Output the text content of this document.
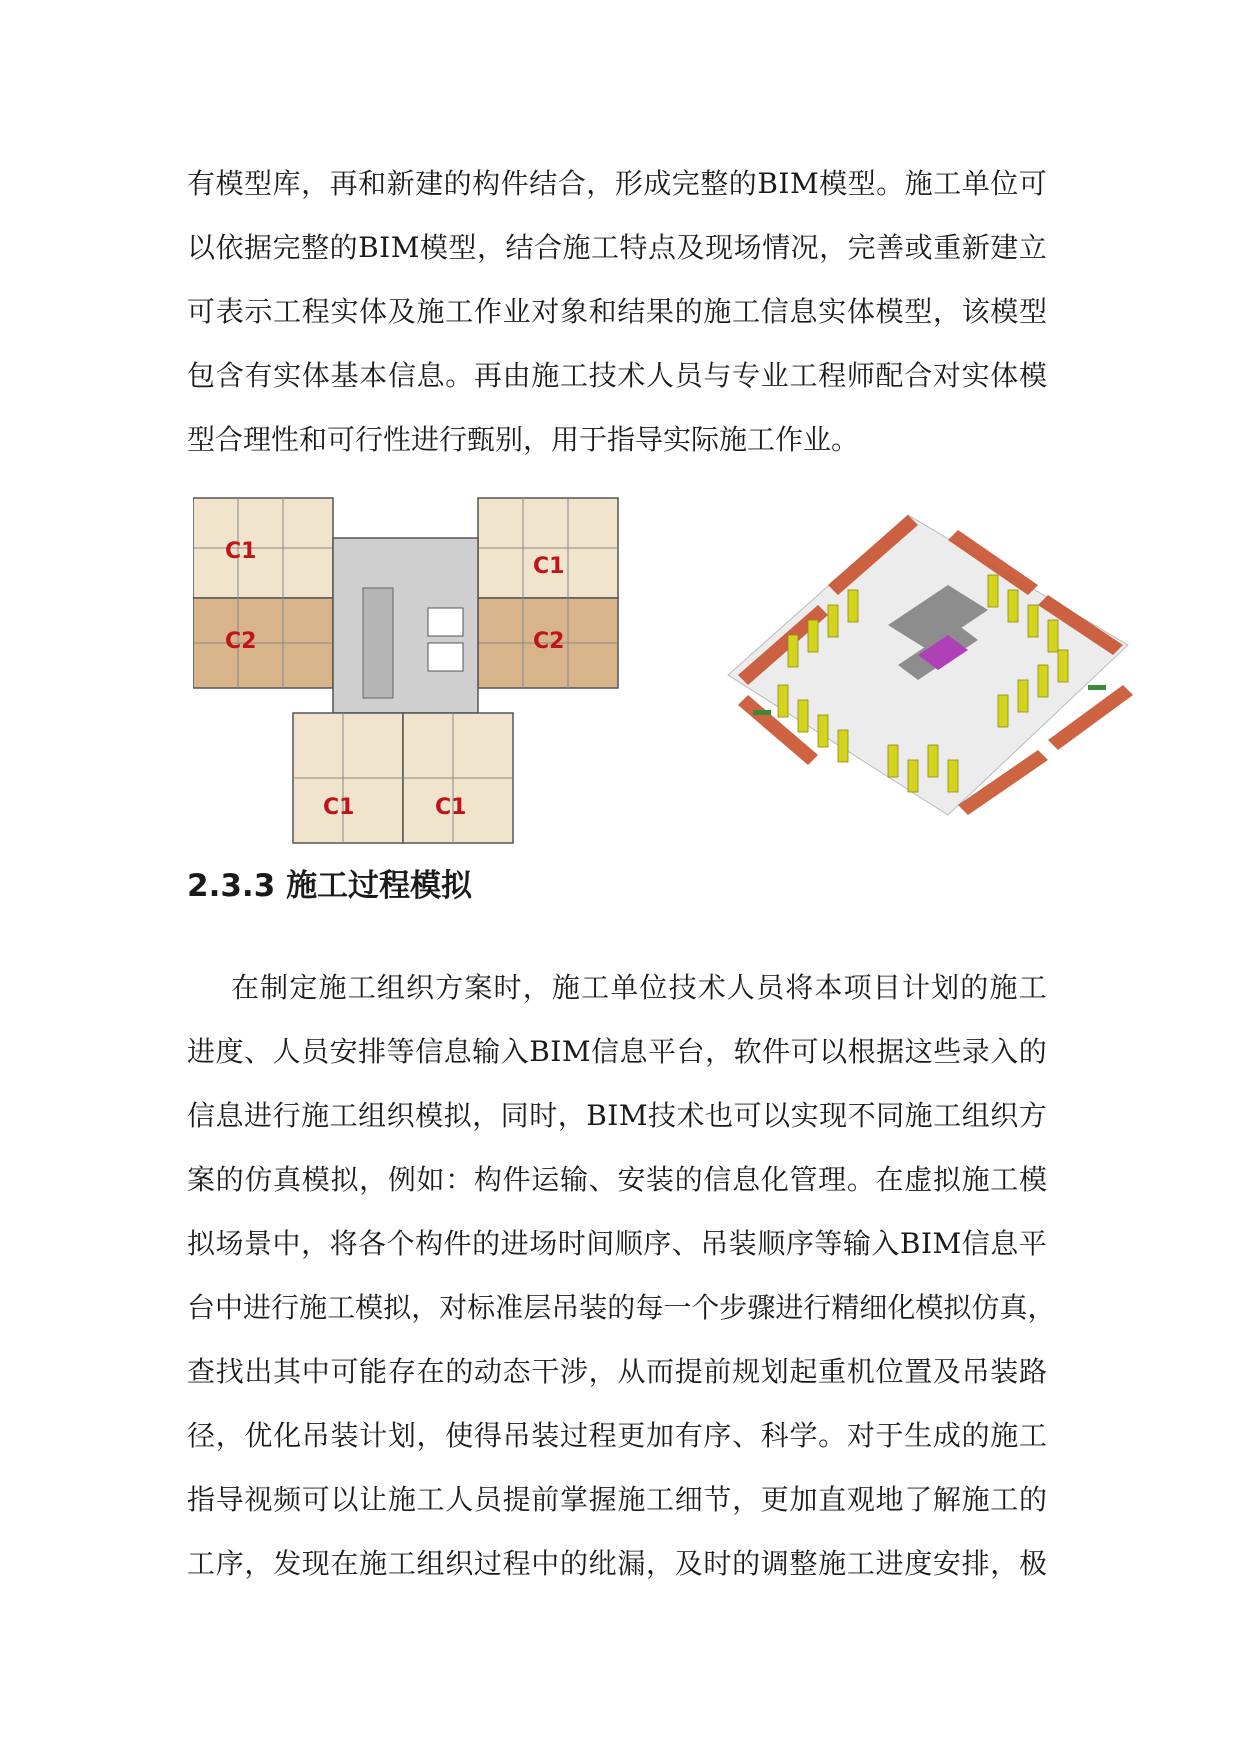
有 模 型 库 ， 再 和 新 建 的 构 件 结 合 ， 形 成 完 整 的 B I M 模 型 。 施 工 单 位 可
以 依 据 完 整 的 B I M 模 型 ， 结 合 施 工 特 点 及 现 场 情 况 ， 完 善 或 重 新 建 立
可 表 示 工 程 实 体 及 施 工 作 业 对 象 和 结 果 的 施 工 信 息 实 体 模 型 ， 该 模 型
包 含 有 实 体 基 本 信 息 。 再 由 施 工 技 术 人 员 与 专 业 工 程 师 配 合 对 实 体 模
型合理性和可行性进行甄别，用于指导实际施工作业。
C1
C1
C2	C2
C1	C1
2.3.3 施工过程模拟
在 制 定 施 工 组 织 方 案 时 ， 施 工 单 位 技 术 人 员 将 本 项 目 计 划 的 施 工
进 度 、 人 员 安 排 等 信 息 输 入 B I M 信 息 平 台 ， 软 件 可 以 根 据 这 些 录 入 的
信 息 进 行 施 工 组 织 模 拟 ， 同 时 ， B I M 技 术 也 可 以 实 现 不 同 施 工 组 织 方
案 的 仿 真 模 拟 ， 例 如 ： 构 件 运 输 、 安 装 的 信 息 化 管 理 。 在 虚 拟 施 工 模
拟 场 景 中 ， 将 各 个 构 件 的 进 场 时 间 顺 序 、 吊 装 顺 序 等 输 入 B I M 信 息 平
台 中 进 行 施 工 模 拟 ， 对 标 准 层 吊 装 的 每 一 个 步 骤 进 行 精 细 化 模 拟 仿 真 ，
查 找 出 其 中 可 能 存 在 的 动 态 干 涉 ， 从 而 提 前 规 划 起 重 机 位 置 及 吊 装 路
径 ， 优 化 吊 装 计 划 ， 使 得 吊 装 过 程 更 加 有 序 、 科 学 。 对 于 生 成 的 施 工
指 导 视 频 可 以 让 施 工 人 员 提 前 掌 握 施 工 细 节 ， 更 加 直 观 地 了 解 施 工 的
工 序 ， 发 现 在 施 工 组 织 过 程 中 的 纰 漏 ， 及 时 的 调 整 施 工 进 度 安 排 ， 极
